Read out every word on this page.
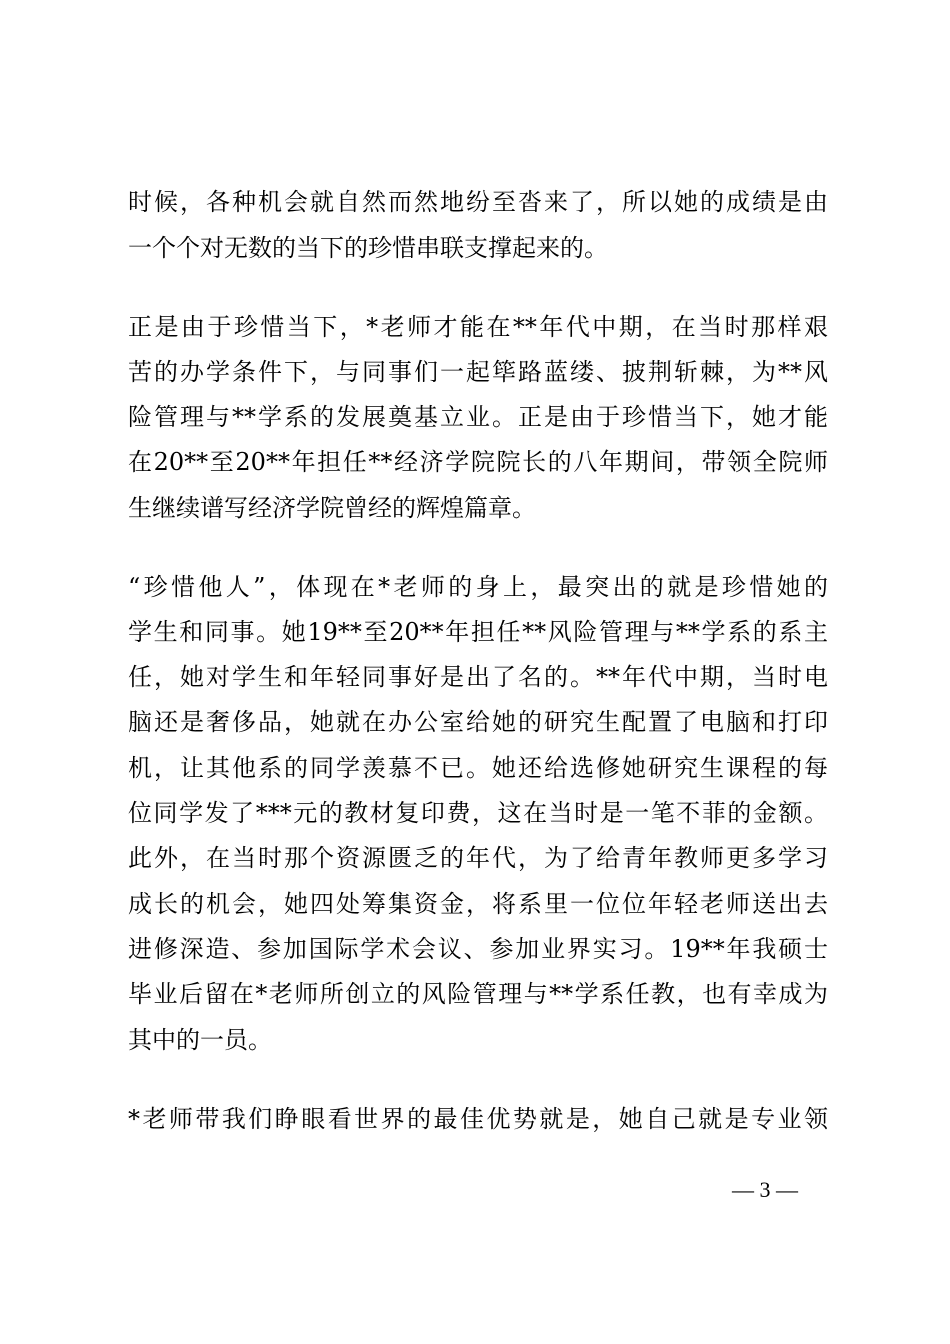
时候，各种机会就自然而然地纷至沓来了，所以她的成绩是由
一个个对无数的当下的珍惜串联支撑起来的。
正是由于珍惜当下，*老师才能在**年代中期，在当时那样艰
苦的办学条件下，与同事们一起筚路蓝缕、披荆斩棘，为**风
险管理与**学系的发展奠基立业。正是由于珍惜当下，她才能
在20**至20**年担任**经济学院院长的八年期间，带领全院师
生继续谱写经济学院曾经的辉煌篇章。
“珍惜他人”，体现在*老师的身上，最突出的就是珍惜她的
学生和同事。她19**至20**年担任**风险管理与**学系的系主
任，她对学生和年轻同事好是出了名的。**年代中期，当时电
脑还是奢侈品，她就在办公室给她的研究生配置了电脑和打印
机，让其他系的同学羡慕不已。她还给选修她研究生课程的每
位同学发了***元的教材复印费，这在当时是一笔不菲的金额。
此外，在当时那个资源匮乏的年代，为了给青年教师更多学习
成长的机会，她四处筹集资金，将系里一位位年轻老师送出去
进修深造、参加国际学术会议、参加业界实习。19**年我硕士
毕业后留在*老师所创立的风险管理与**学系任教，也有幸成为
其中的一员。
*老师带我们睁眼看世界的最佳优势就是，她自己就是专业领
— 3 —
